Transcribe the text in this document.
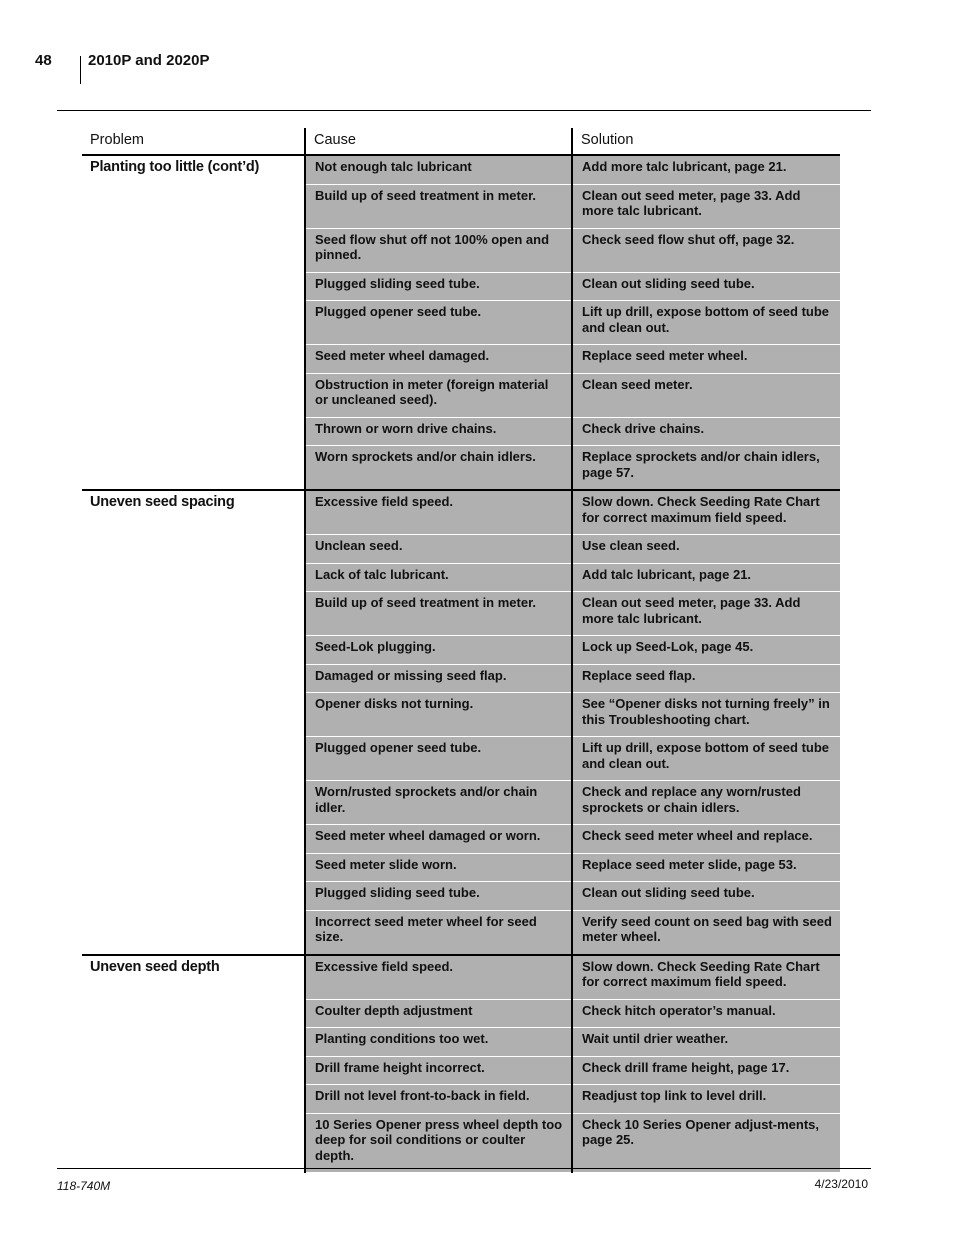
48 2010P and 2020P
Problem	Cause	Solution
Planting too little (cont’d)	Not enough talc lubricant	Add more talc lubricant, page 21.
	Build up of seed treatment in meter.	Clean out seed meter, page 33. Add more talc lubricant.
	Seed flow shut off not 100% open and pinned.	Check seed flow shut off, page 32.
	Plugged sliding seed tube.	Clean out sliding seed tube.
	Plugged opener seed tube.	Lift up drill, expose bottom of seed tube and clean out.
	Seed meter wheel damaged.	Replace seed meter wheel.
	Obstruction in meter (foreign material or uncleaned seed).	Clean seed meter.
	Thrown or worn drive chains.	Check drive chains.
	Worn sprockets and/or chain idlers.	Replace sprockets and/or chain idlers, page 57.
Uneven seed spacing	Excessive field speed.	Slow down. Check Seeding Rate Chart for correct maximum field speed.
	Unclean seed.	Use clean seed.
	Lack of talc lubricant.	Add talc lubricant, page 21.
	Build up of seed treatment in meter.	Clean out seed meter, page 33. Add more talc lubricant.
	Seed-Lok plugging.	Lock up Seed-Lok, page 45.
	Damaged or missing seed flap.	Replace seed flap.
	Opener disks not turning.	See “Opener disks not turning freely” in this Troubleshooting chart.
	Plugged opener seed tube.	Lift up drill, expose bottom of seed tube and clean out.
	Worn/rusted sprockets and/or chain idler.	Check and replace any worn/rusted sprockets or chain idlers.
	Seed meter wheel damaged or worn.	Check seed meter wheel and replace.
	Seed meter slide worn.	Replace seed meter slide, page 53.
	Plugged sliding seed tube.	Clean out sliding seed tube.
	Incorrect seed meter wheel for seed size.	Verify seed count on seed bag with seed meter wheel.
Uneven seed depth	Excessive field speed.	Slow down. Check Seeding Rate Chart for correct maximum field speed.
	Coulter depth adjustment	Check hitch operator’s manual.
	Planting conditions too wet.	Wait until drier weather.
	Drill frame height incorrect.	Check drill frame height, page 17.
	Drill not level front-to-back in field.	Readjust top link to level drill.
	10 Series Opener press wheel depth too deep for soil conditions or coulter depth.	Check 10 Series Opener adjust-ments, page 25.
118-740M	4/23/2010
